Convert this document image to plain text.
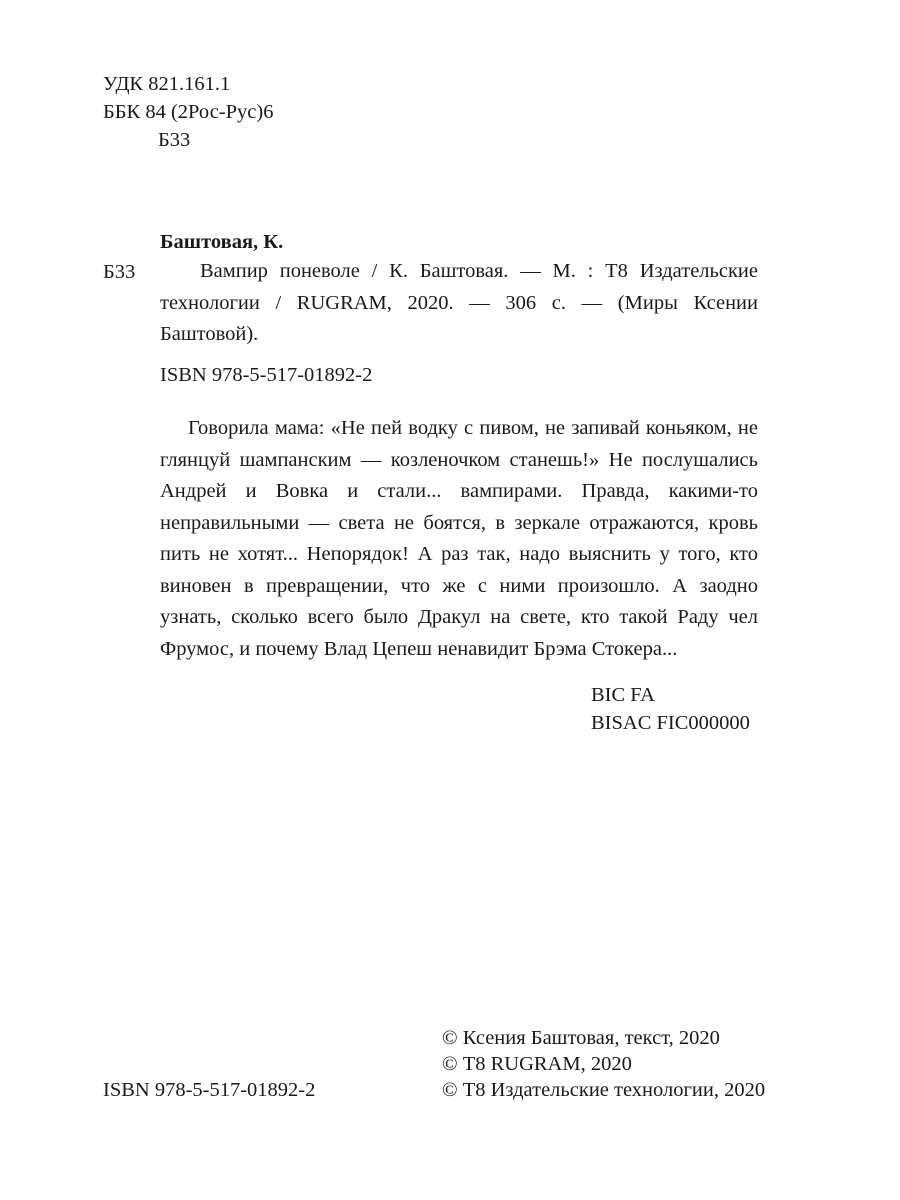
УДК 821.161.1
ББК 84 (2Рос-Рус)6
Б33
Баштовая, К.
Б33	Вампир поневоле / К. Баштовая. — М. : Т8 Издательские технологии / RUGRAM, 2020. — 306 с. — (Миры Ксении Баштовой).

ISBN 978-5-517-01892-2

Говорила мама: «Не пей водку с пивом, не запивай коньяком, не глянцуй шампанским — козленочком станешь!» Не послушались Андрей и Вовка и стали... вампирами. Правда, какими-то неправильными — света не боятся, в зеркале отражаются, кровь пить не хотят... Непорядок! А раз так, надо выяснить у того, кто виновен в превращении, что же с ними произошло. А заодно узнать, сколько всего было Дракул на свете, кто такой Раду чел Фрумос, и почему Влад Цепеш ненавидит Брэма Стокера...

BIC FA
BISAC FIC000000
ISBN 978-5-517-01892-2
© Ксения Баштовая, текст, 2020
© Т8 RUGRAM, 2020
© Т8 Издательские технологии, 2020
